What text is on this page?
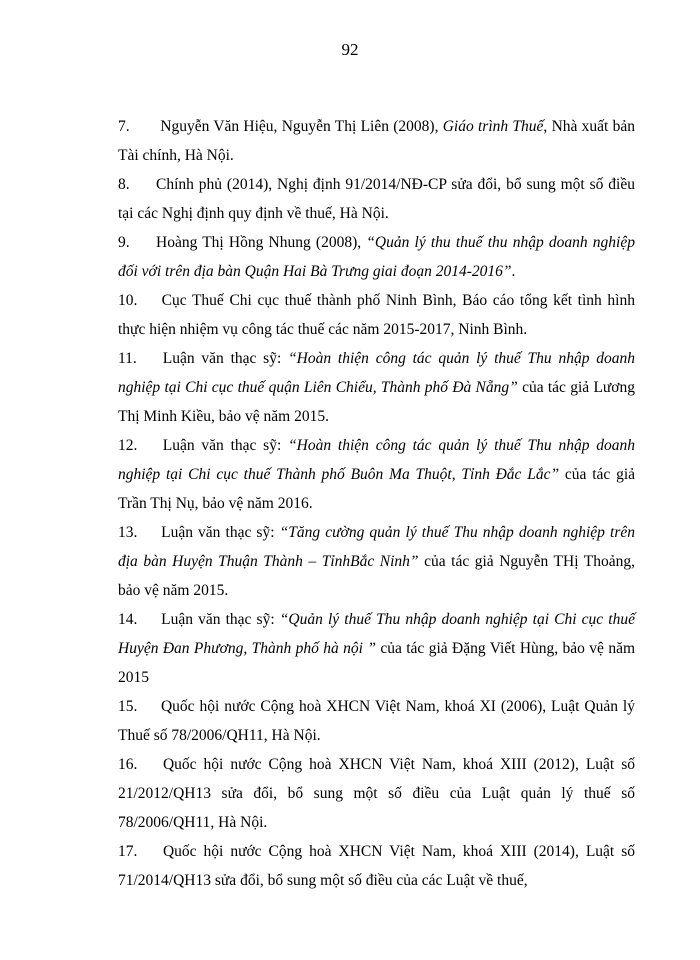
92
7. Nguyễn Văn Hiệu, Nguyễn Thị Liên (2008), Giáo trình Thuế, Nhà xuất bản Tài chính, Hà Nội.
8. Chính phủ (2014), Nghị định 91/2014/NĐ-CP sửa đổi, bổ sung một số điều tại các Nghị định quy định về thuế, Hà Nội.
9. Hoàng Thị Hồng Nhung (2008), “Quản lý thu thuế thu nhập doanh nghiệp đối với trên địa bàn Quận Hai Bà Trưng giai đoạn 2014-2016”.
10. Cục Thuế Chi cục thuế thành phố Ninh Bình, Báo cáo tổng kết tình hình thực hiện nhiệm vụ công tác thuế các năm 2015-2017, Ninh Bình.
11. Luận văn thạc sỹ: “Hoàn thiện công tác quản lý thuế Thu nhập doanh nghiệp tại Chi cục thuế quận Liên Chiểu, Thành phố Đà Nẵng” của tác giả Lương Thị Minh Kiều, bảo vệ năm 2015.
12. Luận văn thạc sỹ: “Hoàn thiện công tác quản lý thuế Thu nhập doanh nghiệp tại Chi cục thuế Thành phố Buôn Ma Thuột, Tỉnh Đắc Lắc” của tác giả Trần Thị Nụ, bảo vệ năm 2016.
13. Luận văn thạc sỹ: “Tăng cường quản lý thuế Thu nhập doanh nghiệp trên địa bàn Huyện Thuận Thành – TỉnhBắc Ninh” của tác giả Nguyễn THị Thoảng, bảo vệ năm 2015.
14. Luận văn thạc sỹ: “Quản lý thuế Thu nhập doanh nghiệp tại Chi cục thuế Huyện Đan Phương, Thành phố hà nội ” của tác giả Đặng Viết Hùng, bảo vệ năm 2015
15. Quốc hội nước Cộng hoà XHCN Việt Nam, khoá XI (2006), Luật Quản lý Thuế số 78/2006/QH11, Hà Nội.
16. Quốc hội nước Cộng hoà XHCN Việt Nam, khoá XIII (2012), Luật số 21/2012/QH13 sửa đổi, bổ sung một số điều của Luật quản lý thuế số 78/2006/QH11, Hà Nội.
17. Quốc hội nước Cộng hoà XHCN Việt Nam, khoá XIII (2014), Luật số 71/2014/QH13 sửa đổi, bổ sung một số điều của các Luật về thuế,
